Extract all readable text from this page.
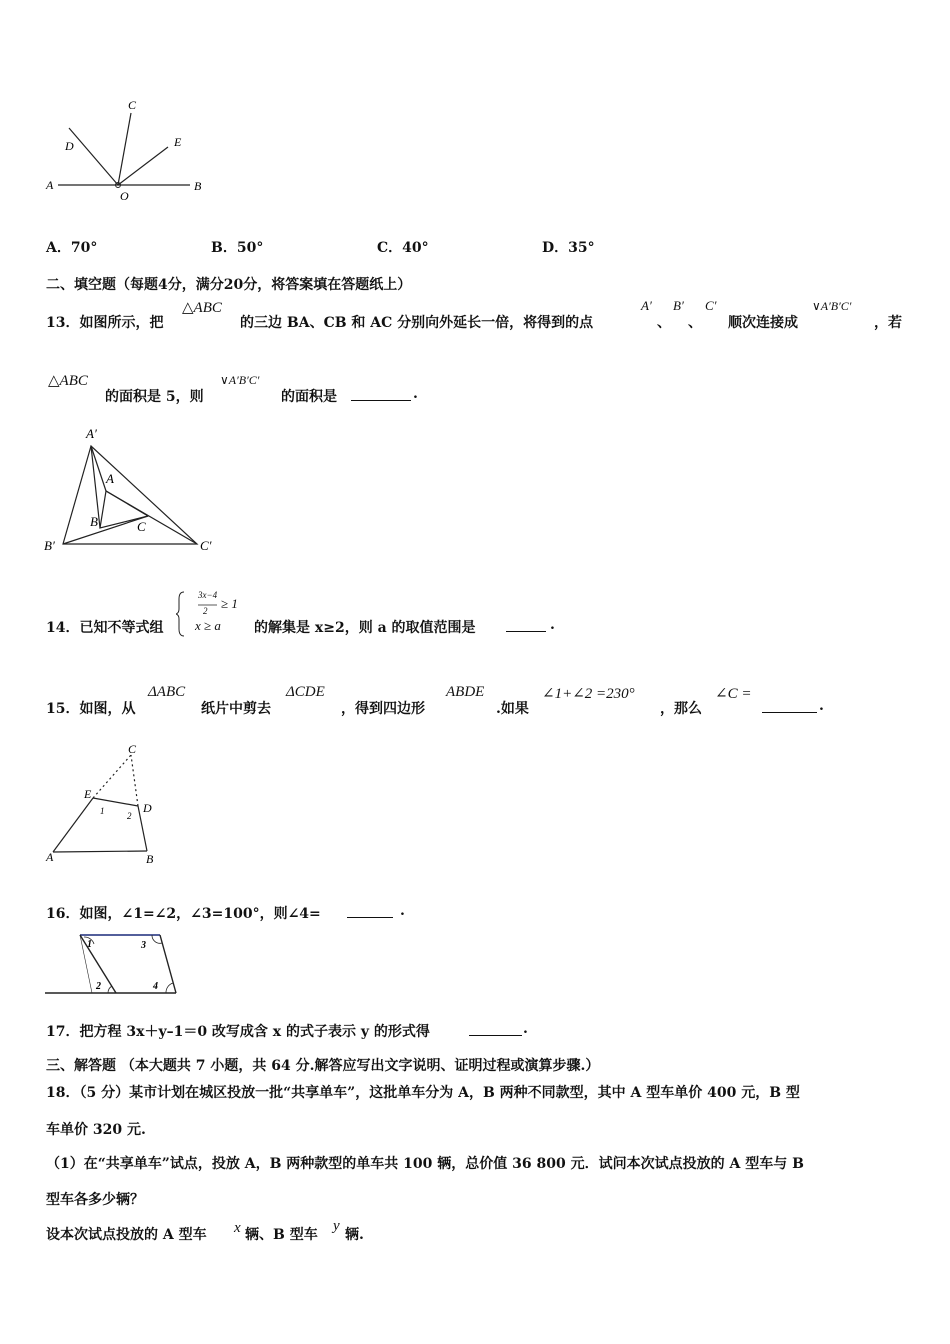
C
D	E
A
O
B
A．70°	B．50°	C．40°	D．35°
二、填空题（每题4分，满分20分，将答案填在答题纸上）
13．如图所示，把
△ABC
的三边 BA、CB 和 AC 分别向外延长一倍，将得到的点
A′
、
B′
、
C′
顺次连接成
∨A′B′C′
，若
△ABC
的面积是 5，则
∨A′B′C′
的面积是	.
A′
A
B	C
B′	C′
14．已知不等式组
3x−4
2 ≥ 1
x ≥ a 的解集是 x≥2，则 a 的取值范围是	.
15．如图，从
ΔABC
纸片中剪去
ΔCDE
，得到四边形
ABDE
.如果
∠1+∠2 =230°
，那么
∠C =
.
C
E
D
1	2
A	B
16．如图，∠1=∠2，∠3=100°，则∠4=	.
1	3
2	4
17．把方程 3x＋y–1＝0 改写成含 x 的式子表示 y 的形式得	.
三、解答题 （本大题共 7 小题，共 64 分.解答应写出文字说明、证明过程或演算步骤.）
18．（5 分）某市计划在城区投放一批“共享单车”，这批单车分为 A，B 两种不同款型，其中 A 型车单价 400 元，B 型
车单价 320 元.
（1）在“共享单车”试点，投放 A，B 两种款型的单车共 100 辆，总价值 36 800 元．试问本次试点投放的 A 型车与 B
型车各多少辆？
设本次试点投放的 A 型车 x 辆、B 型车
y
辆.
